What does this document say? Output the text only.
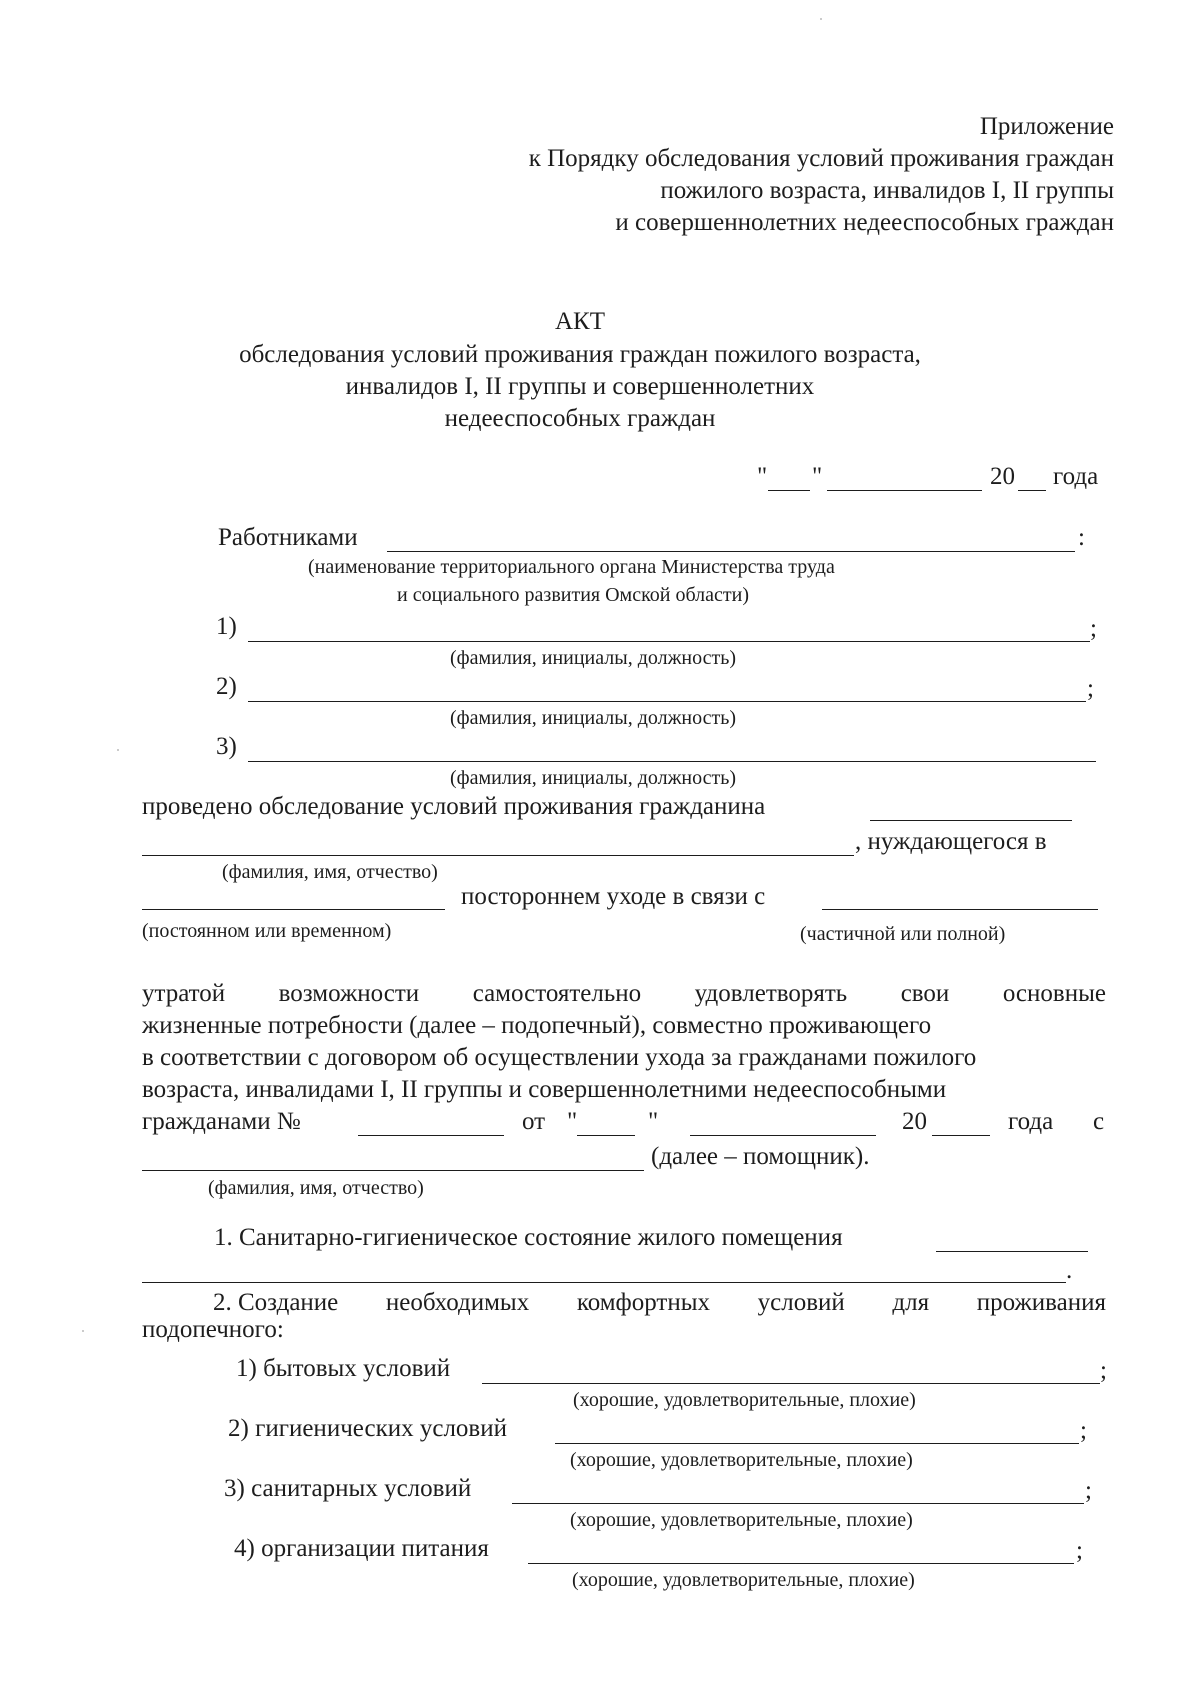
Приложение
к Порядку обследования условий проживания граждан
пожилого возраста, инвалидов I, II группы
и совершеннолетних недееспособных граждан
АКТ
обследования условий проживания граждан пожилого возраста,
инвалидов I, II группы и совершеннолетних
недееспособных граждан
" "	20 года
Работниками	:
(наименование территориального органа Министерства труда
и социального развития Омской области)
1)	;
(фамилия, инициалы, должность)
2)	;
(фамилия, инициалы, должность)
3)
(фамилия, инициалы, должность)
проведено обследование условий проживания гражданина
, нуждающегося в
(фамилия, имя, отчество)
постороннем уходе в связи с
(постоянном или временном)	(частичной или полной)
утратой возможности самостоятельно удовлетворять свои основные
жизненные потребности (далее – подопечный), совместно проживающего
в соответствии с договором об осуществлении ухода за гражданами пожилого
возраста, инвалидами I, II группы и совершеннолетними недееспособными
гражданами №	от "	"	20	года с
(далее – помощник).
(фамилия, имя, отчество)
1. Санитарно-гигиеническое состояние жилого помещения
.
2. Создание необходимых комфортных условий для проживания
подопечного:
1) бытовых условий	;
(хорошие, удовлетворительные, плохие)
2) гигиенических условий	;
(хорошие, удовлетворительные, плохие)
3) санитарных условий	;
(хорошие, удовлетворительные, плохие)
4) организации питания	;
(хорошие, удовлетворительные, плохие)
